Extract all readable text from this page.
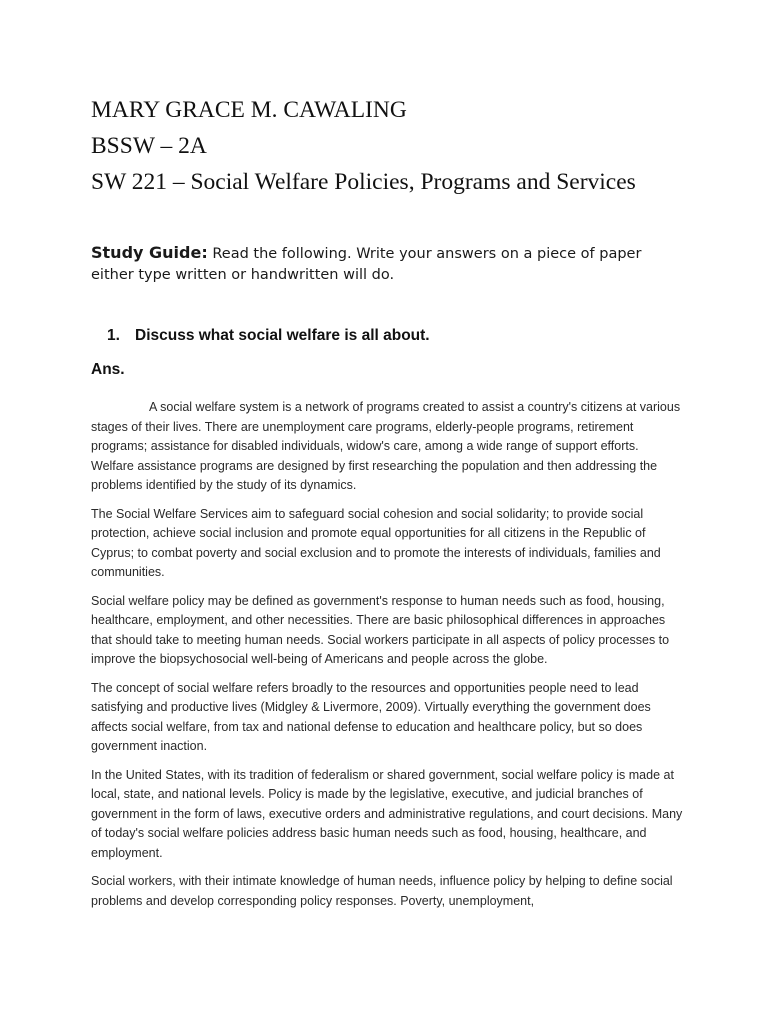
MARY GRACE M. CAWALING

BSSW – 2A

SW 221 – Social Welfare Policies, Programs and Services

Study Guide: Read the following. Write your answers on a piece of paper either type written or handwritten will do.

1. Discuss what social welfare is all about.

Ans.

A social welfare system is a network of programs created to assist a country's citizens at various stages of their lives. There are unemployment care programs, elderly-people programs, retirement programs; assistance for disabled individuals, widow's care, among a wide range of support efforts. Welfare assistance programs are designed by first researching the population and then addressing the problems identified by the study of its dynamics.

The Social Welfare Services aim to safeguard social cohesion and social solidarity; to provide social protection, achieve social inclusion and promote equal opportunities for all citizens in the Republic of Cyprus; to combat poverty and social exclusion and to promote the interests of individuals, families and communities.

Social welfare policy may be defined as government's response to human needs such as food, housing, healthcare, employment, and other necessities. There are basic philosophical differences in approaches that should take to meeting human needs. Social workers participate in all aspects of policy processes to improve the biopsychosocial well-being of Americans and people across the globe.

The concept of social welfare refers broadly to the resources and opportunities people need to lead satisfying and productive lives (Midgley & Livermore, 2009). Virtually everything the government does affects social welfare, from tax and national defense to education and healthcare policy, but so does government inaction.

In the United States, with its tradition of federalism or shared government, social welfare policy is made at local, state, and national levels. Policy is made by the legislative, executive, and judicial branches of government in the form of laws, executive orders and administrative regulations, and court decisions. Many of today's social welfare policies address basic human needs such as food, housing, healthcare, and employment.

Social workers, with their intimate knowledge of human needs, influence policy by helping to define social problems and develop corresponding policy responses. Poverty, unemployment,
